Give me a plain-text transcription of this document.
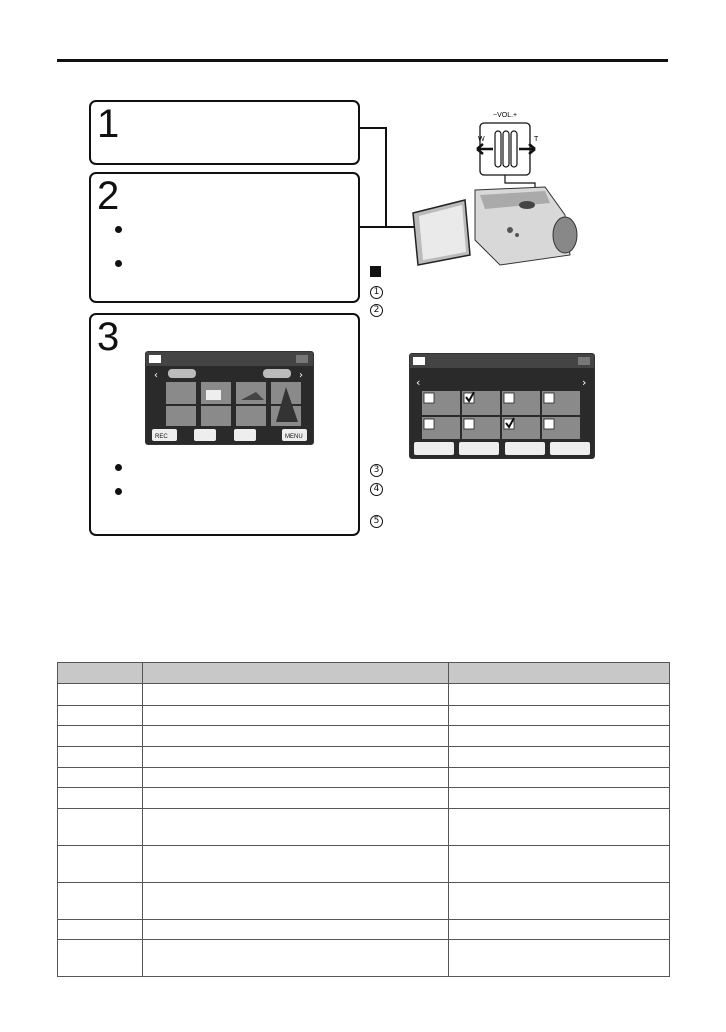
1
2
3
‹	›
REC	MENU
−VOL.+
W	T
1
2
3
4
5
‹	›
